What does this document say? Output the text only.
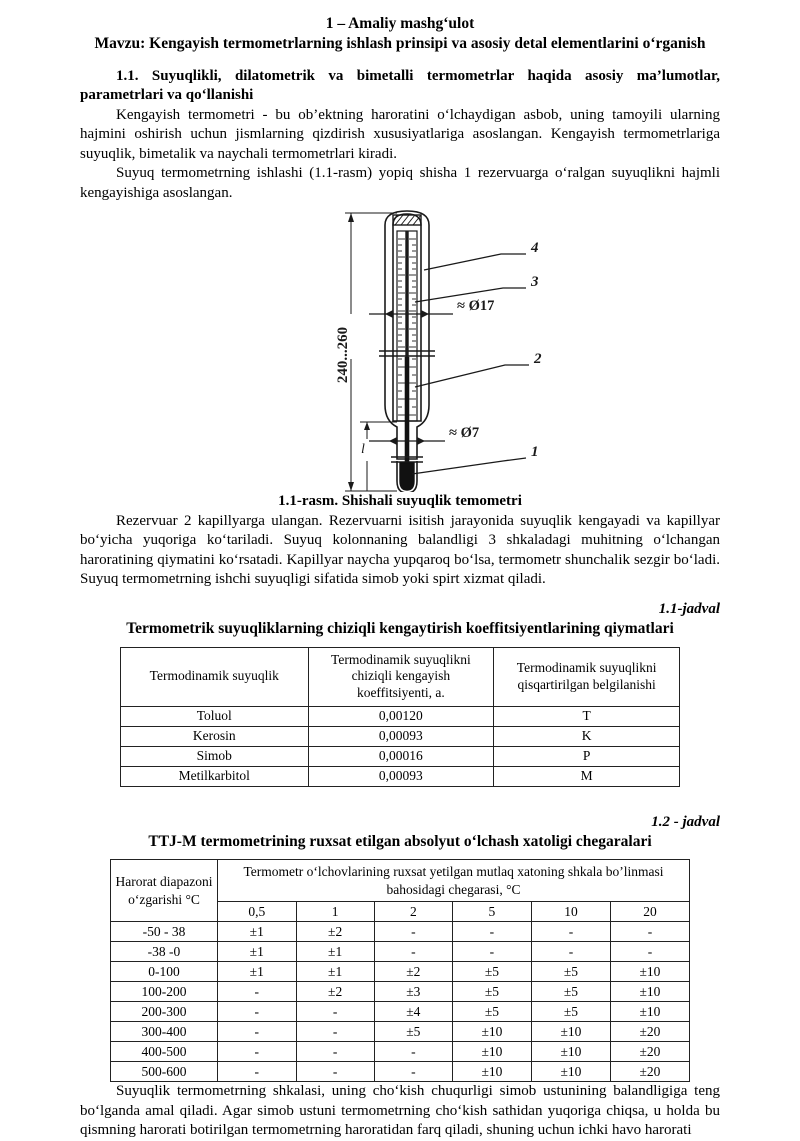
1 – Amaliy mashg‘ulot
Mavzu: Kengayish termometrlarning ishlash prinsipi va asosiy detal elementlarini o‘rganish
1.1. Suyuqlikli, dilatometrik va bimetalli termometrlar haqida asosiy ma’lumotlar, parametrlari va qo‘llanishi

Kengayish termometri - bu ob’ektning haroratini o‘lchaydigan asbob, uning tamoyili ularning hajmini oshirish uchun jismlarning qizdirish xususiyatlariga asoslangan. Kengayish termometrlariga suyuqlik, bimetalik va naychali termometrlari kiradi.

Suyuq termometrning ishlashi (1.1-rasm) yopiq shisha 1 rezervuarga o‘ralgan suyuqlikni hajmli kengayishiga asoslangan.

240...260
l
≈ Ø17
≈ Ø7
4
3
2
1
1.1-rasm. Shishali suyuqlik temometri

Rezervuar 2 kapillyarga ulangan. Rezervuarni isitish jarayonida suyuqlik kengayadi va kapillyar bo‘yicha yuqoriga ko‘tariladi. Suyuq kolonnaning balandligi 3 shkaladagi muhitning o‘lchangan haroratining qiymatini ko‘rsatadi. Kapillyar naycha yupqaroq bo‘lsa, termometr shunchalik sezgir bo‘ladi. Suyuq termometrning ishchi suyuqligi sifatida simob yoki spirt xizmat qiladi.

1.1-jadval
Termometrik suyuqliklarning chiziqli kengaytirish koeffitsiyentlarining qiymatlari
Termodinamik suyuqlik	Termodinamik suyuqlikni chiziqli kengayish koeffitsiyenti, a.	Termodinamik suyuqlikni qisqartirilgan belgilanishi
Toluol	0,00120	T
Kerosin	0,00093	K
Simob	0,00016	P
Metilkarbitol	0,00093	M
1.2 - jadval
TTJ-M termometrining ruxsat etilgan absolyut o‘lchash xatoligi chegaralari
Harorat diapazoni o‘zgarishi °C	Termometr o‘lchovlarining ruxsat yetilgan mutlaq xatoning shkala bo’linmasi bahosidagi chegarasi, °C					
	0,5	1	2	5	10	20
-50 - 38	±1	±2	-	-	-	-
-38 -0	±1	±1	-	-	-	-
0-100	±1	±1	±2	±5	±5	±10
100-200	-	±2	±3	±5	±5	±10
200-300	-	-	±4	±5	±5	±10
300-400	-	-	±5	±10	±10	±20
400-500	-	-	-	±10	±10	±20
500-600	-	-	-	±10	±10	±20

Suyuqlik termometrning shkalasi, uning cho‘kish chuqurligi simob ustunining balandligiga teng bo‘lganda amal qiladi. Agar simob ustuni termometrning cho‘kish sathidan yuqoriga chiqsa, u holda bu qismning harorati botirilgan termometrning haroratidan farq qiladi, shuning uchun ichki havo harorati
